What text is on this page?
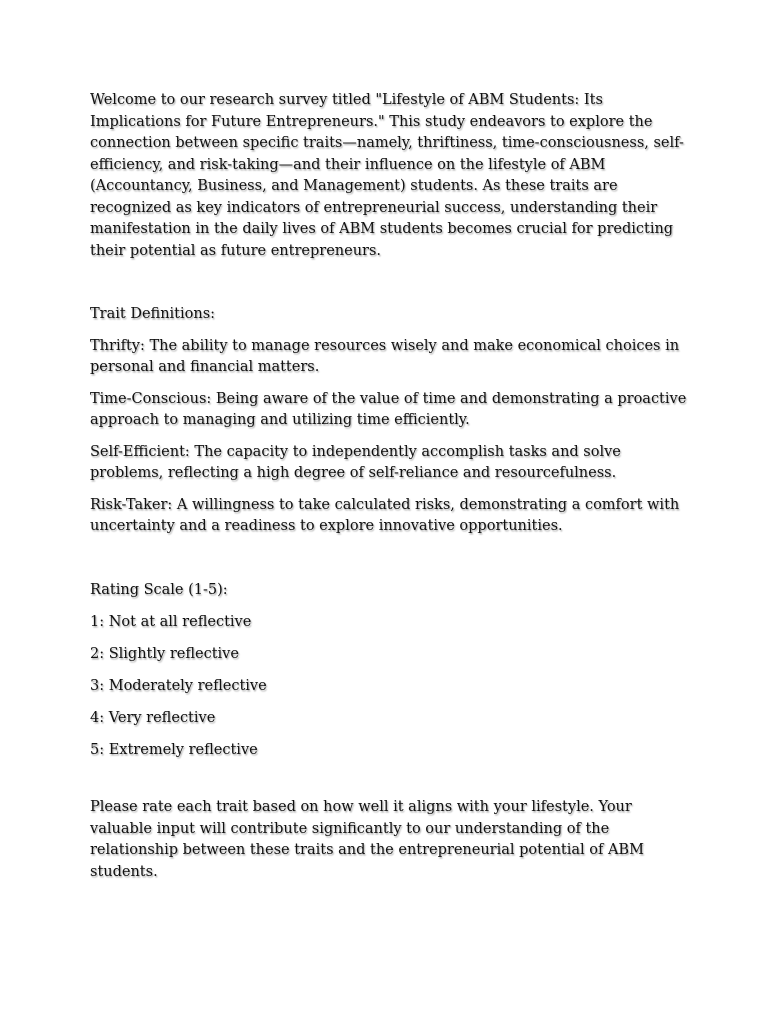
Welcome to our research survey titled "Lifestyle of ABM Students: Its Implications for Future Entrepreneurs." This study endeavors to explore the connection between specific traits—namely, thriftiness, time-consciousness, self-efficiency, and risk-taking—and their influence on the lifestyle of ABM (Accountancy, Business, and Management) students. As these traits are recognized as key indicators of entrepreneurial success, understanding their manifestation in the daily lives of ABM students becomes crucial for predicting their potential as future entrepreneurs.

Trait Definitions:

Thrifty: The ability to manage resources wisely and make economical choices in personal and financial matters.

Time-Conscious: Being aware of the value of time and demonstrating a proactive approach to managing and utilizing time efficiently.

Self-Efficient: The capacity to independently accomplish tasks and solve problems, reflecting a high degree of self-reliance and resourcefulness.

Risk-Taker: A willingness to take calculated risks, demonstrating a comfort with uncertainty and a readiness to explore innovative opportunities.

Rating Scale (1-5):

1: Not at all reflective

2: Slightly reflective

3: Moderately reflective

4: Very reflective

5: Extremely reflective

Please rate each trait based on how well it aligns with your lifestyle. Your valuable input will contribute significantly to our understanding of the relationship between these traits and the entrepreneurial potential of ABM students.
